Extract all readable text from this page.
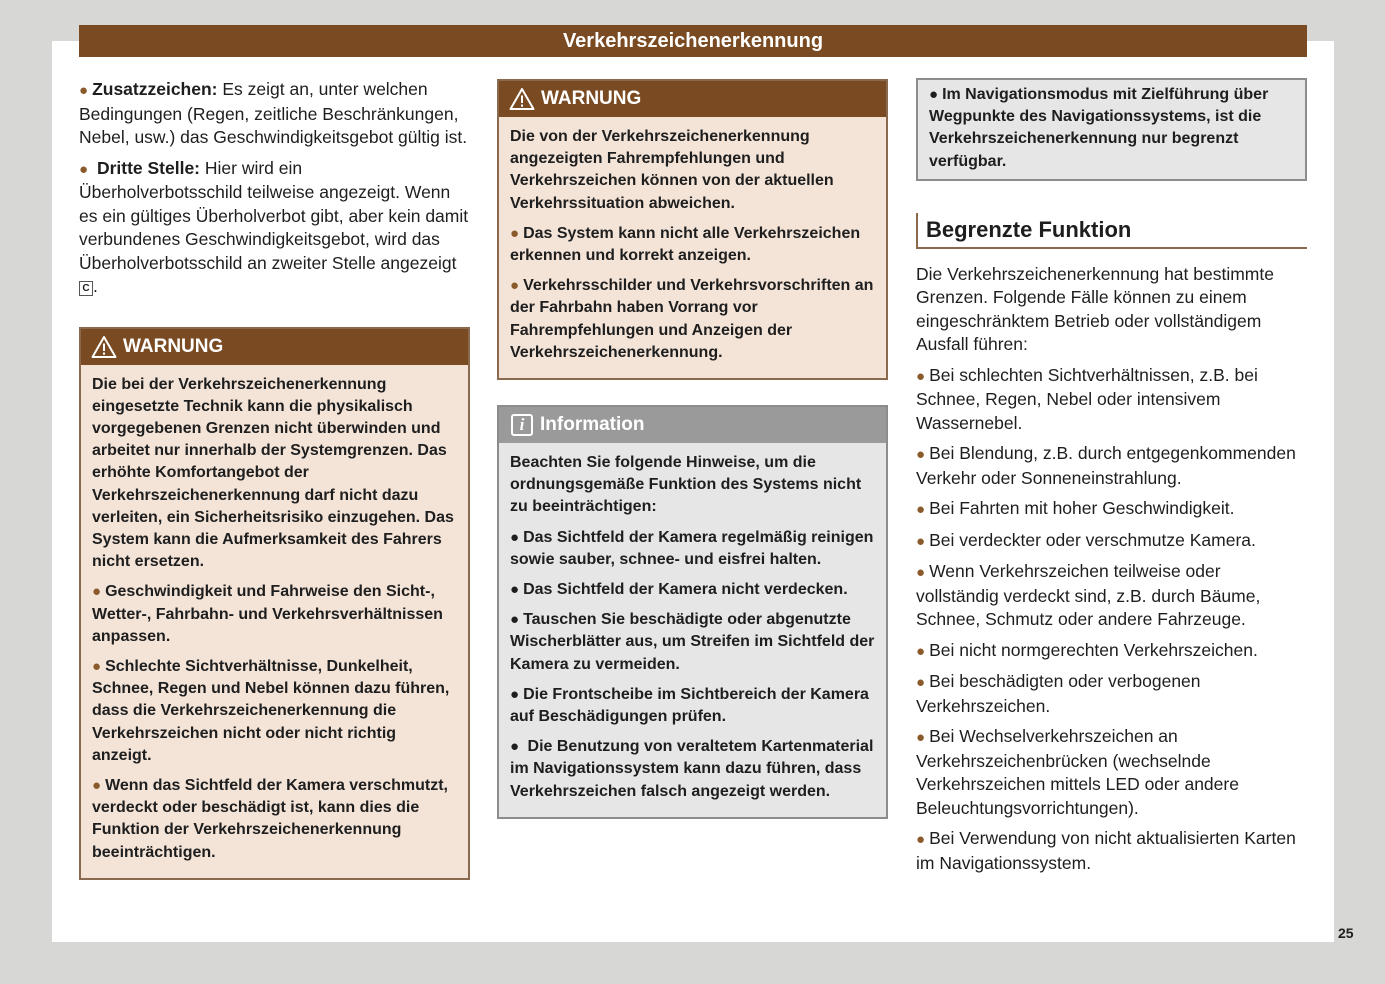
Verkehrszeichenerkennung

● Zusatzzeichen: Es zeigt an, unter welchen Bedingungen (Regen, zeitliche Beschränkungen, Nebel, usw.) das Geschwindigkeitsgebot gültig ist.

● Dritte Stelle: Hier wird ein Überholverbotsschild teilweise angezeigt. Wenn es ein gültiges Überholverbot gibt, aber kein damit verbundenes Geschwindigkeitsgebot, wird das Überholverbotsschild an zweiter Stelle angezeigt C .

WARNUNG

Die bei der Verkehrszeichenerkennung eingesetzte Technik kann die physikalisch vorgegebenen Grenzen nicht überwinden und arbeitet nur innerhalb der Systemgrenzen. Das erhöhte Komfortangebot der Verkehrszeichenerkennung darf nicht dazu verleiten, ein Sicherheitsrisiko einzugehen. Das System kann die Aufmerksamkeit des Fahrers nicht ersetzen.

● Geschwindigkeit und Fahrweise den Sicht-, Wetter-, Fahrbahn- und Verkehrsverhältnissen anpassen.

● Schlechte Sichtverhältnisse, Dunkelheit, Schnee, Regen und Nebel können dazu führen, dass die Verkehrszeichenerkennung die Verkehrszeichen nicht oder nicht richtig anzeigt.

● Wenn das Sichtfeld der Kamera verschmutzt, verdeckt oder beschädigt ist, kann dies die Funktion der Verkehrszeichenerkennung beeinträchtigen.

WARNUNG

Die von der Verkehrszeichenerkennung angezeigten Fahrempfehlungen und Verkehrszeichen können von der aktuellen Verkehrssituation abweichen.

● Das System kann nicht alle Verkehrszeichen erkennen und korrekt anzeigen.

● Verkehrsschilder und Verkehrsvorschriften an der Fahrbahn haben Vorrang vor Fahrempfehlungen und Anzeigen der Verkehrszeichenerkennung.

i Information

Beachten Sie folgende Hinweise, um die ordnungsgemäße Funktion des Systems nicht zu beeinträchtigen:

● Das Sichtfeld der Kamera regelmäßig reinigen sowie sauber, schnee- und eisfrei halten.

● Das Sichtfeld der Kamera nicht verdecken.

● Tauschen Sie beschädigte oder abgenutzte Wischerblätter aus, um Streifen im Sichtfeld der Kamera zu vermeiden.

● Die Frontscheibe im Sichtbereich der Kamera auf Beschädigungen prüfen.

● Die Benutzung von veraltetem Kartenmaterial im Navigationssystem kann dazu führen, dass Verkehrszeichen falsch angezeigt werden.

● Im Navigationsmodus mit Zielführung über Wegpunkte des Navigationssystems, ist die Verkehrszeichenerkennung nur begrenzt verfügbar.

Begrenzte Funktion

Die Verkehrszeichenerkennung hat bestimmte Grenzen. Folgende Fälle können zu einem eingeschränktem Betrieb oder vollständigem Ausfall führen:

● Bei schlechten Sichtverhältnissen, z.B. bei Schnee, Regen, Nebel oder intensivem Wassernebel.

● Bei Blendung, z.B. durch entgegenkommenden Verkehr oder Sonneneinstrahlung.

● Bei Fahrten mit hoher Geschwindigkeit.

● Bei verdeckter oder verschmutze Kamera.

● Wenn Verkehrszeichen teilweise oder vollständig verdeckt sind, z.B. durch Bäume, Schnee, Schmutz oder andere Fahrzeuge.

● Bei nicht normgerechten Verkehrszeichen.

● Bei beschädigten oder verbogenen Verkehrszeichen.

● Bei Wechselverkehrszeichen an Verkehrszeichenbrücken (wechselnde Verkehrszeichen mittels LED oder andere Beleuchtungsvorrichtungen).

● Bei Verwendung von nicht aktualisierten Karten im Navigationssystem.

25
